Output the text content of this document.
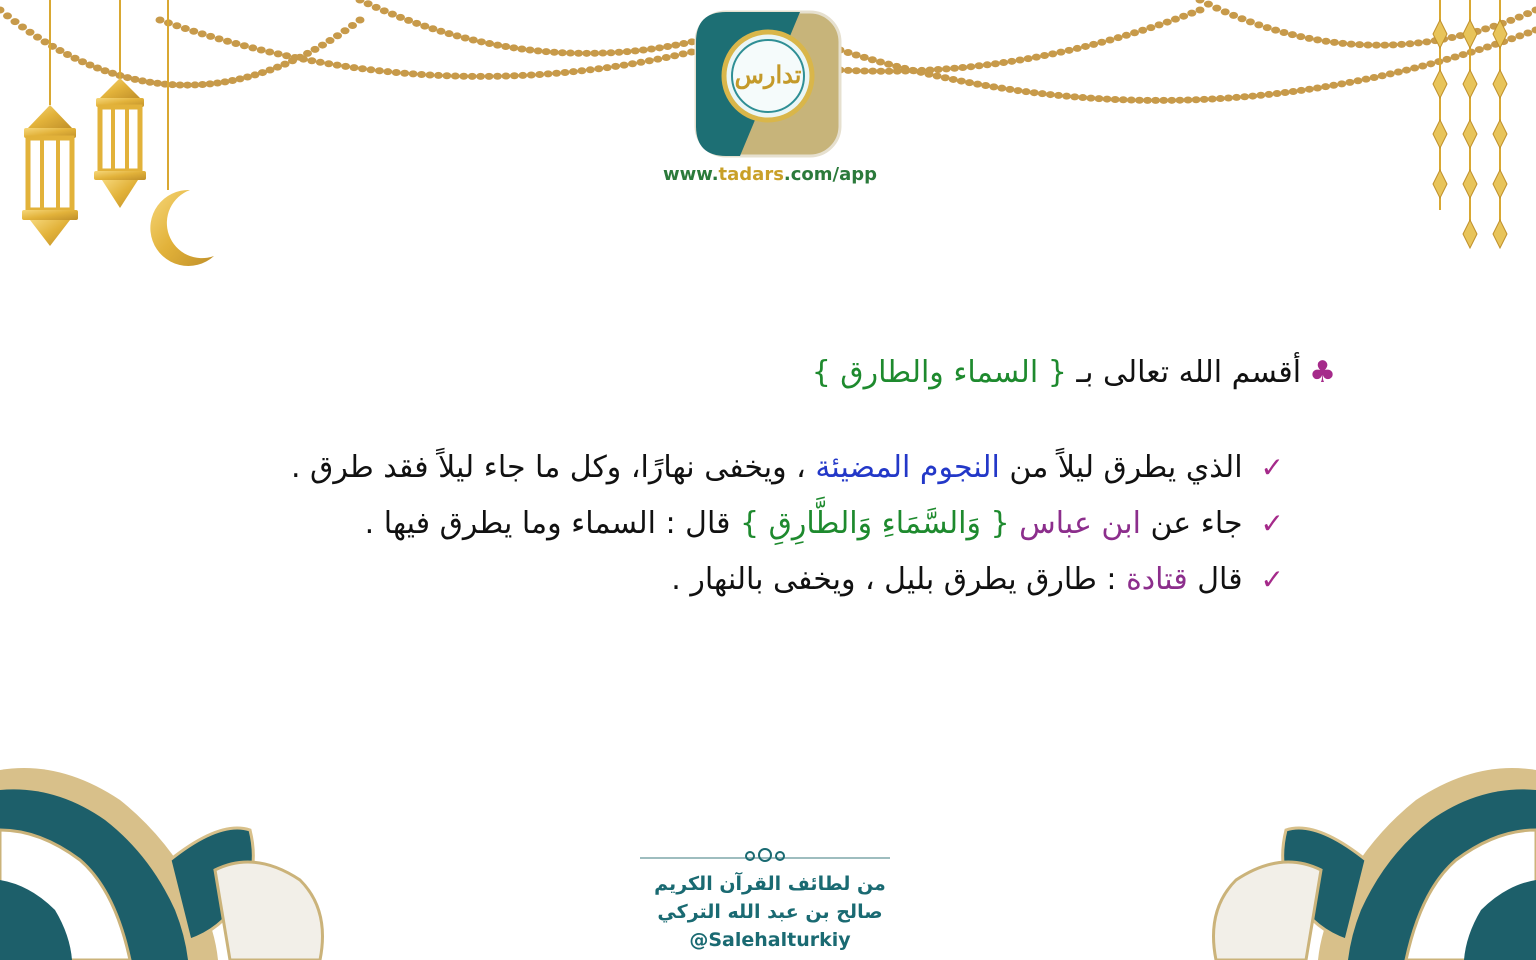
تدارس
www.tadars.com/app
♣أقسم الله تعالى بـ { السماء والطارق }
✓الذي يطرق ليلاً من النجوم المضيئة ، ويخفى نهارًا، وكل ما جاء ليلاً فقد طرق .
✓جاء عن ابن عباس { وَالسَّمَاءِ وَالطَّارِقِ } قال : السماء وما يطرق فيها .
✓قال قتادة : طارق يطرق بليل ، ويخفى بالنهار .
من لطائف القرآن الكريم
صالح بن عبد الله التركي
@Salehalturkiy
